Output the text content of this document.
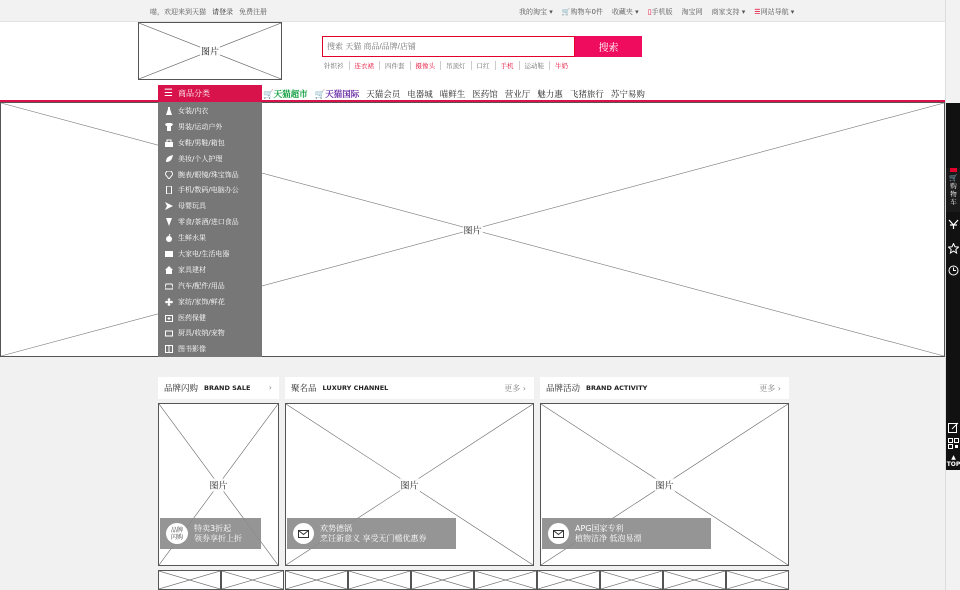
喵，欢迎来到天猫 请登录 免费注册	我的淘宝 ▾ 🛒购物车0件 收藏夹 ▾ ▯手机版 淘宝网 商家支持 ▾ ☰网站导航 ▾
图片
搜索 天猫 商品/品牌/店铺	搜索
针织衫	连衣裙	四件套	摄像头	吊顶灯	口红	手机	运动鞋	牛奶
☰ 商品分类	🛒天猫超市 🛒天猫国际 天猫会员 电器城 喵鲜生 医药馆 营业厅 魅力惠 飞猪旅行 苏宁易购
图片
女装/内衣
男装/运动户外
女鞋/男鞋/箱包
美妆/个人护理
腕表/眼镜/珠宝饰品
手机/数码/电脑办公
母婴玩具
零食/茶酒/进口食品
生鲜水果
大家电/生活电器
家具建材
汽车/配件/用品
家纺/家饰/鲜花
医药保健
厨具/收纳/宠物
图书影像
🛒
购物车
▲
TOP
品牌闪购 BRAND SALE › 聚名品 LUXURY CHANNEL	更多 › 品牌活动 BRAND ACTIVITY	更多 ›
图片	图片	图片
品牌闪购
特卖3折起
领券享折上折
欢势德锅
烹饪新意义 享受无门槛优惠券
APG国家专利
植物洁净 低泡易漂
